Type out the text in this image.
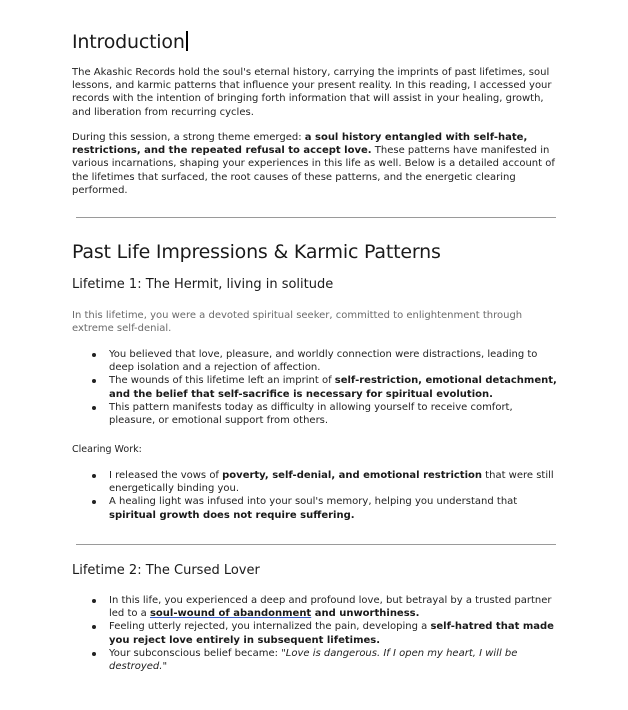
Introduction

The Akashic Records hold the soul's eternal history, carrying the imprints of past lifetimes, soul lessons, and karmic patterns that influence your present reality. In this reading, I accessed your records with the intention of bringing forth information that will assist in your healing, growth, and liberation from recurring cycles.

During this session, a strong theme emerged: a soul history entangled with self-hate, restrictions, and the repeated refusal to accept love. These patterns have manifested in various incarnations, shaping your experiences in this life as well. Below is a detailed account of the lifetimes that surfaced, the root causes of these patterns, and the energetic clearing performed.

Past Life Impressions & Karmic Patterns
Lifetime 1: The Hermit, living in solitude

In this lifetime, you were a devoted spiritual seeker, committed to enlightenment through extreme self-denial.

You believed that love, pleasure, and worldly connection were distractions, leading to deep isolation and a rejection of affection.
The wounds of this lifetime left an imprint of self-restriction, emotional detachment, and the belief that self-sacrifice is necessary for spiritual evolution.
This pattern manifests today as difficulty in allowing yourself to receive comfort, pleasure, or emotional support from others.
Clearing Work:
I released the vows of poverty, self-denial, and emotional restriction that were still energetically binding you.
A healing light was infused into your soul's memory, helping you understand that spiritual growth does not require suffering.
Lifetime 2: The Cursed Lover
In this life, you experienced a deep and profound love, but betrayal by a trusted partner led to a soul-wound of abandonment and unworthiness.
Feeling utterly rejected, you internalized the pain, developing a self-hatred that made you reject love entirely in subsequent lifetimes.
Your subconscious belief became: "Love is dangerous. If I open my heart, I will be destroyed."
